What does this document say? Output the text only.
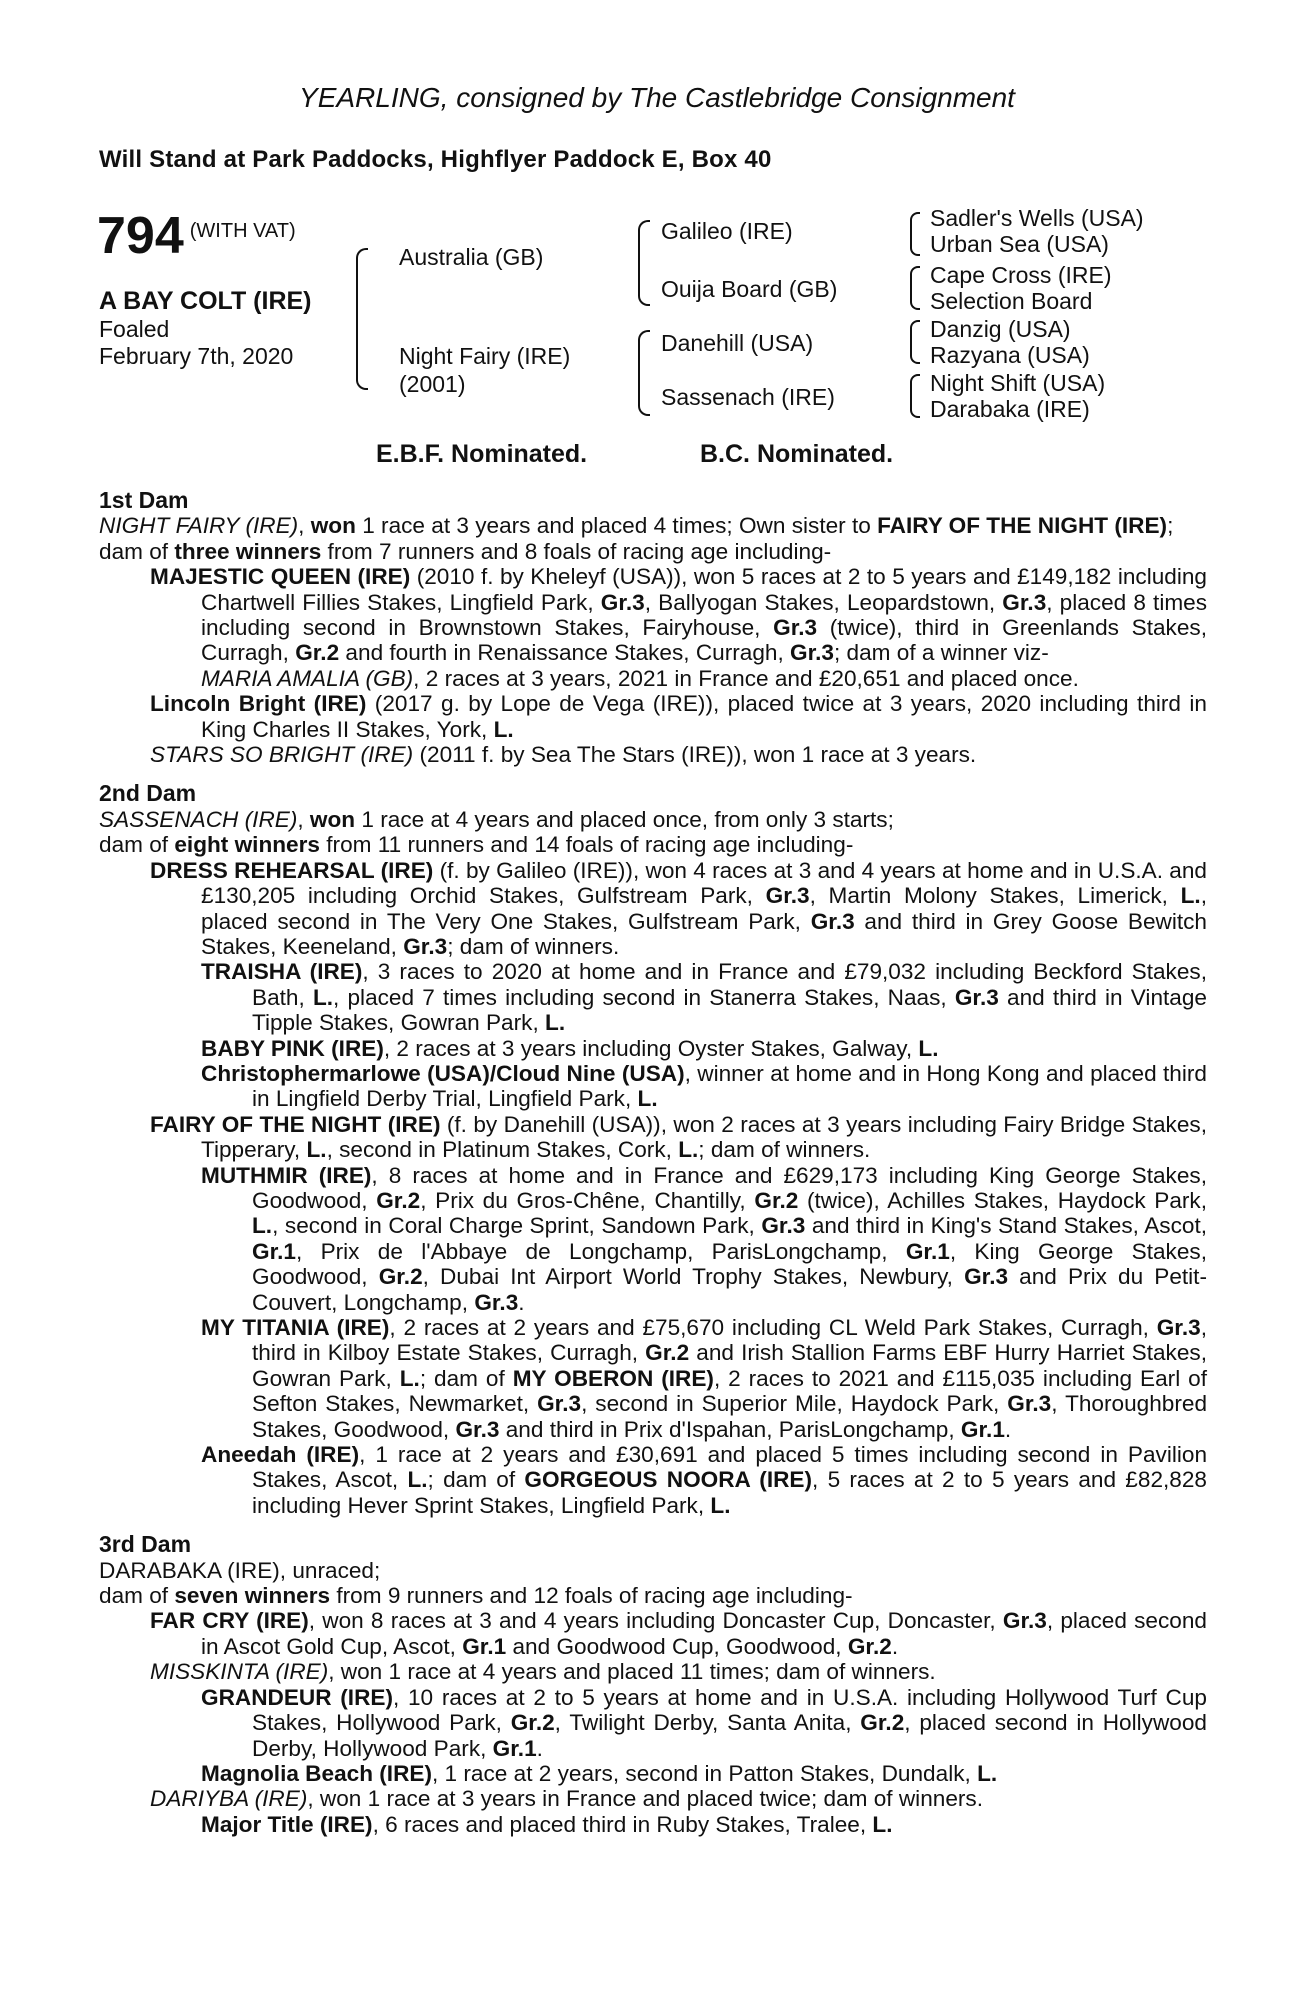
YEARLING, consigned by The Castlebridge Consignment
Will Stand at Park Paddocks, Highflyer Paddock E, Box 40
794 $^{(WITH VAT)}$
A BAY COLT (IRE)
Foaled
February 7th, 2020
Australia (GB)
Night Fairy (IRE)
(2001)
Galileo (IRE)
Ouija Board (GB)
Danehill (USA)
Sassenach (IRE)
Sadler's Wells (USA)
Urban Sea (USA)
Cape Cross (IRE)
Selection Board
Danzig (USA)
Razyana (USA)
Night Shift (USA)
Darabaka (IRE)
E.B.F. Nominated.	B.C. Nominated.
1st Dam
NIGHT FAIRY (IRE), won 1 race at 3 years and placed 4 times; Own sister to FAIRY OF THE NIGHT (IRE);
dam of three winners from 7 runners and 8 foals of racing age including-
MAJESTIC QUEEN (IRE) (2010 f. by Kheleyf (USA)), won 5 races at 2 to 5 years and £149,182 including Chartwell Fillies Stakes, Lingfield Park, Gr.3, Ballyogan Stakes, Leopardstown, Gr.3, placed 8 times including second in Brownstown Stakes, Fairyhouse, Gr.3 (twice), third in Greenlands Stakes, Curragh, Gr.2 and fourth in Renaissance Stakes, Curragh, Gr.3; dam of a winner viz-
MARIA AMALIA (GB), 2 races at 3 years, 2021 in France and £20,651 and placed once.
Lincoln Bright (IRE) (2017 g. by Lope de Vega (IRE)), placed twice at 3 years, 2020 including third in King Charles II Stakes, York, L.
STARS SO BRIGHT (IRE) (2011 f. by Sea The Stars (IRE)), won 1 race at 3 years.
2nd Dam
SASSENACH (IRE), won 1 race at 4 years and placed once, from only 3 starts;
dam of eight winners from 11 runners and 14 foals of racing age including-
DRESS REHEARSAL (IRE) (f. by Galileo (IRE)), won 4 races at 3 and 4 years at home and in U.S.A. and £130,205 including Orchid Stakes, Gulfstream Park, Gr.3, Martin Molony Stakes, Limerick, L., placed second in The Very One Stakes, Gulfstream Park, Gr.3 and third in Grey Goose Bewitch Stakes, Keeneland, Gr.3; dam of winners.
TRAISHA (IRE), 3 races to 2020 at home and in France and £79,032 including Beckford Stakes, Bath, L., placed 7 times including second in Stanerra Stakes, Naas, Gr.3 and third in Vintage Tipple Stakes, Gowran Park, L.
BABY PINK (IRE), 2 races at 3 years including Oyster Stakes, Galway, L.
Christophermarlowe (USA)/Cloud Nine (USA), winner at home and in Hong Kong and placed third in Lingfield Derby Trial, Lingfield Park, L.
FAIRY OF THE NIGHT (IRE) (f. by Danehill (USA)), won 2 races at 3 years including Fairy Bridge Stakes, Tipperary, L., second in Platinum Stakes, Cork, L.; dam of winners.
MUTHMIR (IRE), 8 races at home and in France and £629,173 including King George Stakes, Goodwood, Gr.2, Prix du Gros-Chêne, Chantilly, Gr.2 (twice), Achilles Stakes, Haydock Park, L., second in Coral Charge Sprint, Sandown Park, Gr.3 and third in King's Stand Stakes, Ascot, Gr.1, Prix de l'Abbaye de Longchamp, ParisLongchamp, Gr.1, King George Stakes, Goodwood, Gr.2, Dubai Int Airport World Trophy Stakes, Newbury, Gr.3 and Prix du Petit-Couvert, Longchamp, Gr.3.
MY TITANIA (IRE), 2 races at 2 years and £75,670 including CL Weld Park Stakes, Curragh, Gr.3, third in Kilboy Estate Stakes, Curragh, Gr.2 and Irish Stallion Farms EBF Hurry Harriet Stakes, Gowran Park, L.; dam of MY OBERON (IRE), 2 races to 2021 and £115,035 including Earl of Sefton Stakes, Newmarket, Gr.3, second in Superior Mile, Haydock Park, Gr.3, Thoroughbred Stakes, Goodwood, Gr.3 and third in Prix d'Ispahan, ParisLongchamp, Gr.1.
Aneedah (IRE), 1 race at 2 years and £30,691 and placed 5 times including second in Pavilion Stakes, Ascot, L.; dam of GORGEOUS NOORA (IRE), 5 races at 2 to 5 years and £82,828 including Hever Sprint Stakes, Lingfield Park, L.
3rd Dam
DARABAKA (IRE), unraced;
dam of seven winners from 9 runners and 12 foals of racing age including-
FAR CRY (IRE), won 8 races at 3 and 4 years including Doncaster Cup, Doncaster, Gr.3, placed second in Ascot Gold Cup, Ascot, Gr.1 and Goodwood Cup, Goodwood, Gr.2.
MISSKINTA (IRE), won 1 race at 4 years and placed 11 times; dam of winners.
GRANDEUR (IRE), 10 races at 2 to 5 years at home and in U.S.A. including Hollywood Turf Cup Stakes, Hollywood Park, Gr.2, Twilight Derby, Santa Anita, Gr.2, placed second in Hollywood Derby, Hollywood Park, Gr.1.
Magnolia Beach (IRE), 1 race at 2 years, second in Patton Stakes, Dundalk, L.
DARIYBA (IRE), won 1 race at 3 years in France and placed twice; dam of winners.
Major Title (IRE), 6 races and placed third in Ruby Stakes, Tralee, L.
